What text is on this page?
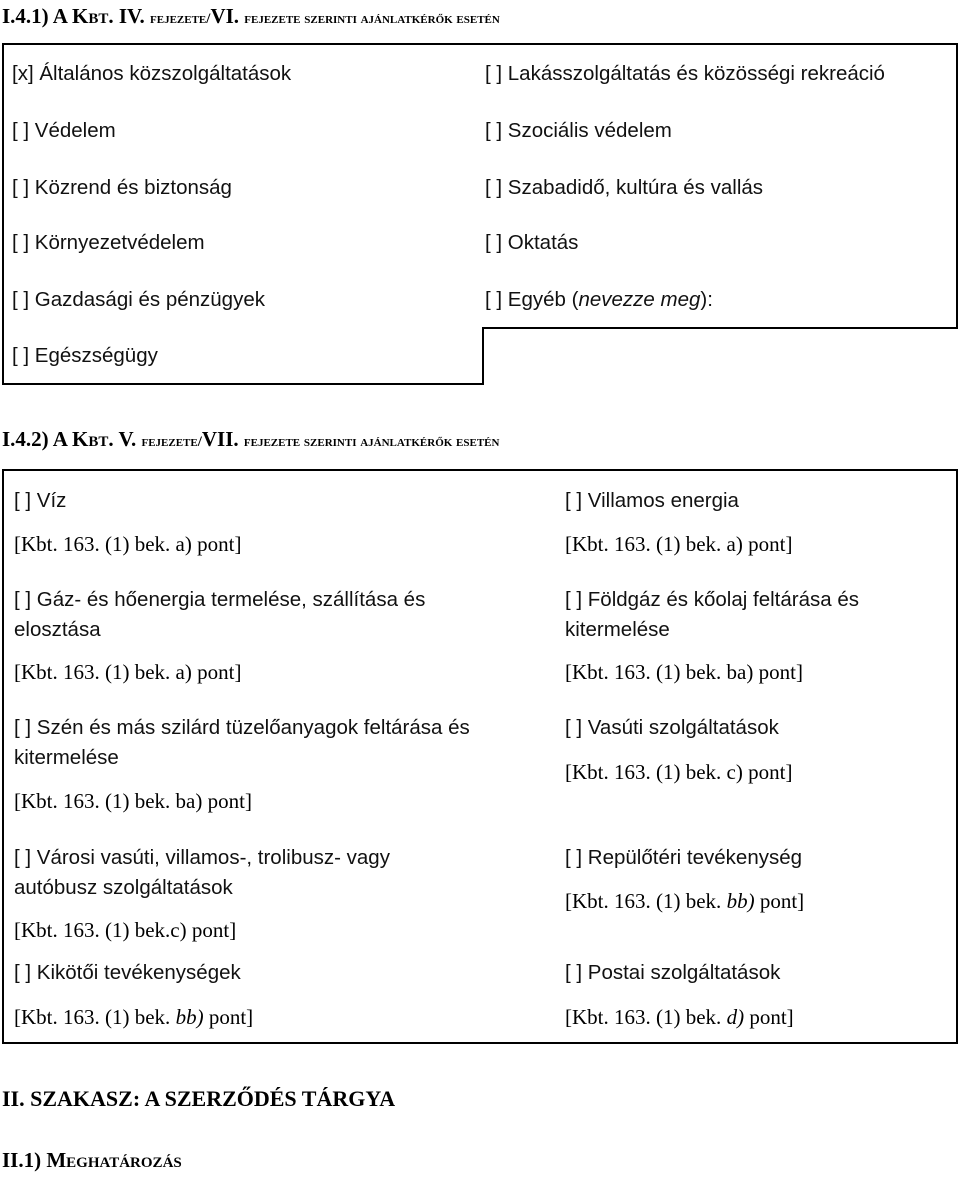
I.4.1) A Kbt. IV. fejezete/VI. fejezete szerinti ajánlatkérők esetén
[x] Általános közszolgáltatások
[ ] Védelem
[ ] Közrend és biztonság
[ ] Környezetvédelem
[ ] Gazdasági és pénzügyek
[ ] Egészségügy
[ ] Lakásszolgáltatás és közösségi rekreáció
[ ] Szociális védelem
[ ] Szabadidő, kultúra és vallás
[ ] Oktatás
[ ] Egyéb (nevezze meg):
I.4.2) A Kbt. V. fejezete/VII. fejezete szerinti ajánlatkérők esetén
[ ] Víz
[Kbt. 163. (1) bek. a) pont]
[ ] Gáz- és hőenergia termelése, szállítása és
elosztása
[Kbt. 163. (1) bek. a) pont]
[ ] Szén és más szilárd tüzelőanyagok feltárása és
kitermelése
[Kbt. 163. (1) bek. ba) pont]
[ ] Városi vasúti, villamos-, trolibusz- vagy
autóbusz szolgáltatások
[Kbt. 163. (1) bek.c) pont]
[ ] Kikötői tevékenységek
[Kbt. 163. (1) bek. bb) pont]
[ ] Villamos energia
[Kbt. 163. (1) bek. a) pont]
[ ] Földgáz és kőolaj feltárása és
kitermelése
[Kbt. 163. (1) bek. ba) pont]
[ ] Vasúti szolgáltatások
[Kbt. 163. (1) bek. c) pont]
[ ] Repülőtéri tevékenység
[Kbt. 163. (1) bek. bb) pont]
[ ] Postai szolgáltatások
[Kbt. 163. (1) bek. d) pont]
II. SZAKASZ: A SZERZŐDÉS TÁRGYA
II.1) Meghatározás
